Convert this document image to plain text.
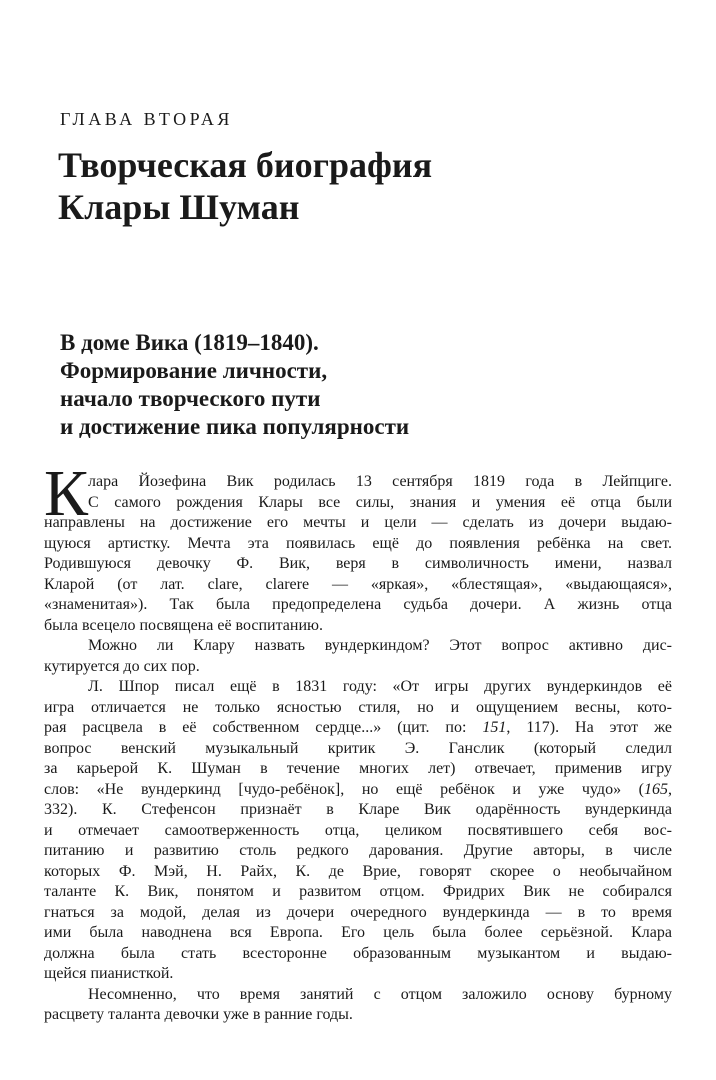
ГЛАВА ВТОРАЯ
Творческая биография
Клары Шуман
В доме Вика (1819–1840).
Формирование личности,
начало творческого пути
и достижение пика популярности
К лара Йозефина Вик родилась 13 сентября 1819 года в Лейпциге.
С самого рождения Клары все силы, знания и умения её отца были
направлены на достижение его мечты и цели — сделать из дочери выдаю-
щуюся артистку. Мечта эта появилась ещё до появления ребёнка на свет.
Родившуюся девочку Ф. Вик, веря в символичность имени, назвал
Кларой (от лат. clare, clarere — «яркая», «блестящая», «выдающаяся»,
«знаменитая»). Так была предопределена судьба дочери. А жизнь отца
была всецело посвящена её воспитанию.
Можно ли Клару назвать вундеркиндом? Этот вопрос активно дис-
кутируется до сих пор.
Л. Шпор писал ещё в 1831 году: «От игры других вундеркиндов её
игра отличается не только ясностью стиля, но и ощущением весны, кото-
рая расцвела в её собственном сердце...» (цит. по: 151, 117). На этот же
вопрос венский музыкальный критик Э. Ганслик (который следил
за карьерой К. Шуман в течение многих лет) отвечает, применив игру
слов: «Не вундеркинд [чудо-ребёнок], но ещё ребёнок и уже чудо» (165,
332). К. Стефенсон признаёт в Кларе Вик одарённость вундеркинда
и отмечает самоотверженность отца, целиком посвятившего себя вос-
питанию и развитию столь редкого дарования. Другие авторы, в числе
которых Ф. Мэй, Н. Райх, К. де Врие, говорят скорее о необычайном
таланте К. Вик, понятом и развитом отцом. Фридрих Вик не собирался
гнаться за модой, делая из дочери очередного вундеркинда — в то время
ими была наводнена вся Европа. Его цель была более серьёзной. Клара
должна была стать всесторонне образованным музыкантом и выдаю-
щейся пианисткой.
Несомненно, что время занятий с отцом заложило основу бурному
расцвету таланта девочки уже в ранние годы.
